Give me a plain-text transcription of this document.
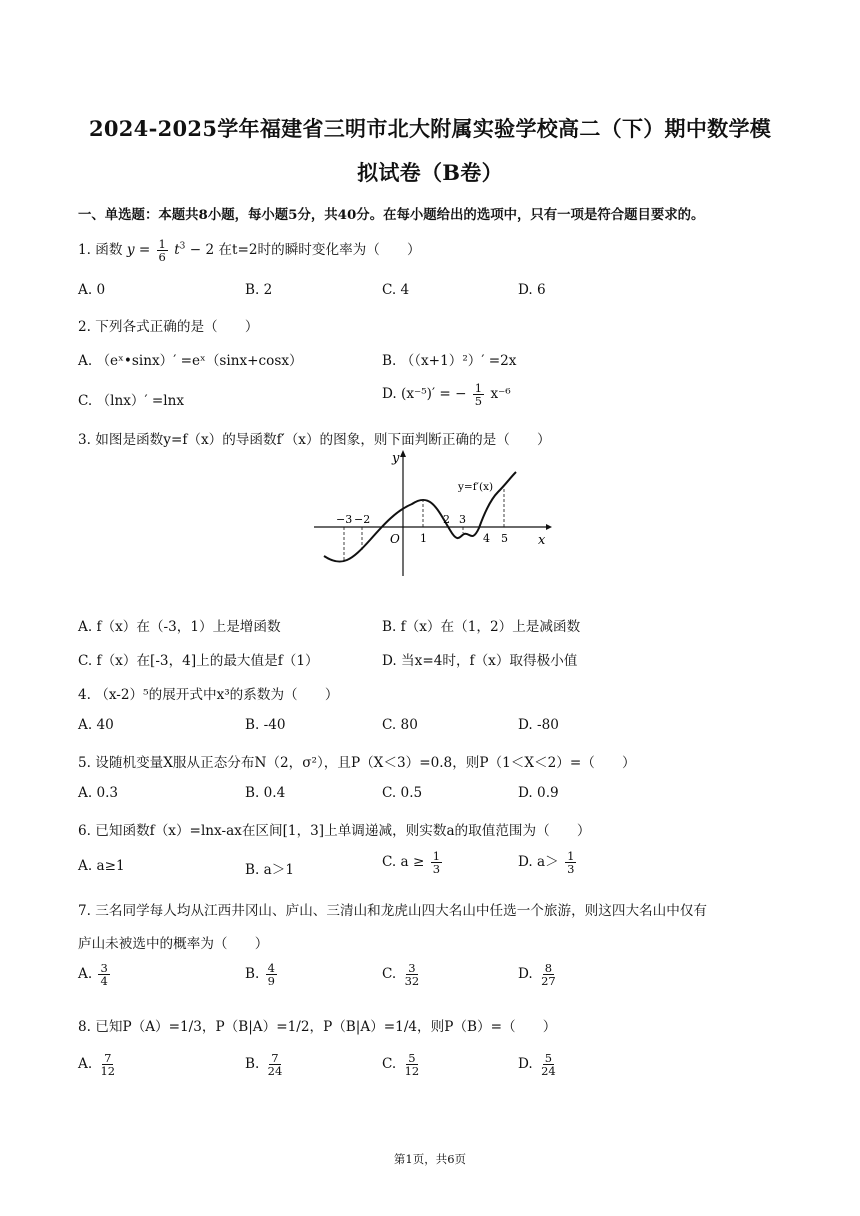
2024-2025学年福建省三明市北大附属实验学校高二（下）期中数学模
拟试卷（B卷）
一、单选题：本题共8小题，每小题5分，共40分。在每小题给出的选项中，只有一项是符合题目要求的。
1. 函数 $y = \frac{1}{6} t^3 - 2$ 在t=2时的瞬时变化率为（　　）
A. 0	B. 2	C. 4	D. 6
2. 下列各式正确的是（　　）
A. （eˣ•sinx）′ =eˣ（sinx+cosx）	B. （（x+1）²）′ =2x
C. （lnx）′ =lnx	D. (x⁻⁵)′ = − $\frac{1}{5} x^{-6}$
3. 如图是函数y=f（x）的导函数f′（x）的图象，则下面判断正确的是（　　）
y
x
O
y=f′(x)
−3 −2
1
2 3
4 5
A. f（x）在（-3，1）上是增函数	B. f（x）在（1，2）上是减函数
C. f（x）在[-3，4]上的最大值是f（1）	D. 当x=4时，f（x）取得极小值
4. （x-2）⁵的展开式中x³的系数为（　　）
A. 40	B. -40	C. 80	D. -80
5. 设随机变量X服从正态分布N（2，σ²），且P（X＜3）=0.8，则P（1＜X＜2）=（　　）
A. 0.3	B. 0.4	C. 0.5	D. 0.9
6. 已知函数f（x）=lnx-ax在区间[1，3]上单调递减，则实数a的取值范围为（　　）
A. a≥1	B. a＞1	C. $a \ge \frac{1}{3}$	D. $a> \frac{1}{3}$
7. 三名同学每人均从江西井冈山、庐山、三清山和龙虎山四大名山中任选一个旅游，则这四大名山中仅有
庐山未被选中的概率为（　　）
A. $\frac{3}{4}$	B. $\frac{4}{9}$	C. $\frac{3}{32}$	D. $\frac{8}{27}$
8. 已知P（A）=1/3，P（B|A）=1/2，P（B|A）=1/4，则P（B）=（　　）
A. $\frac{7}{12}$	B. $\frac{7}{24}$	C. $\frac{5}{12}$	D. $\frac{5}{24}$
第1页，共6页
